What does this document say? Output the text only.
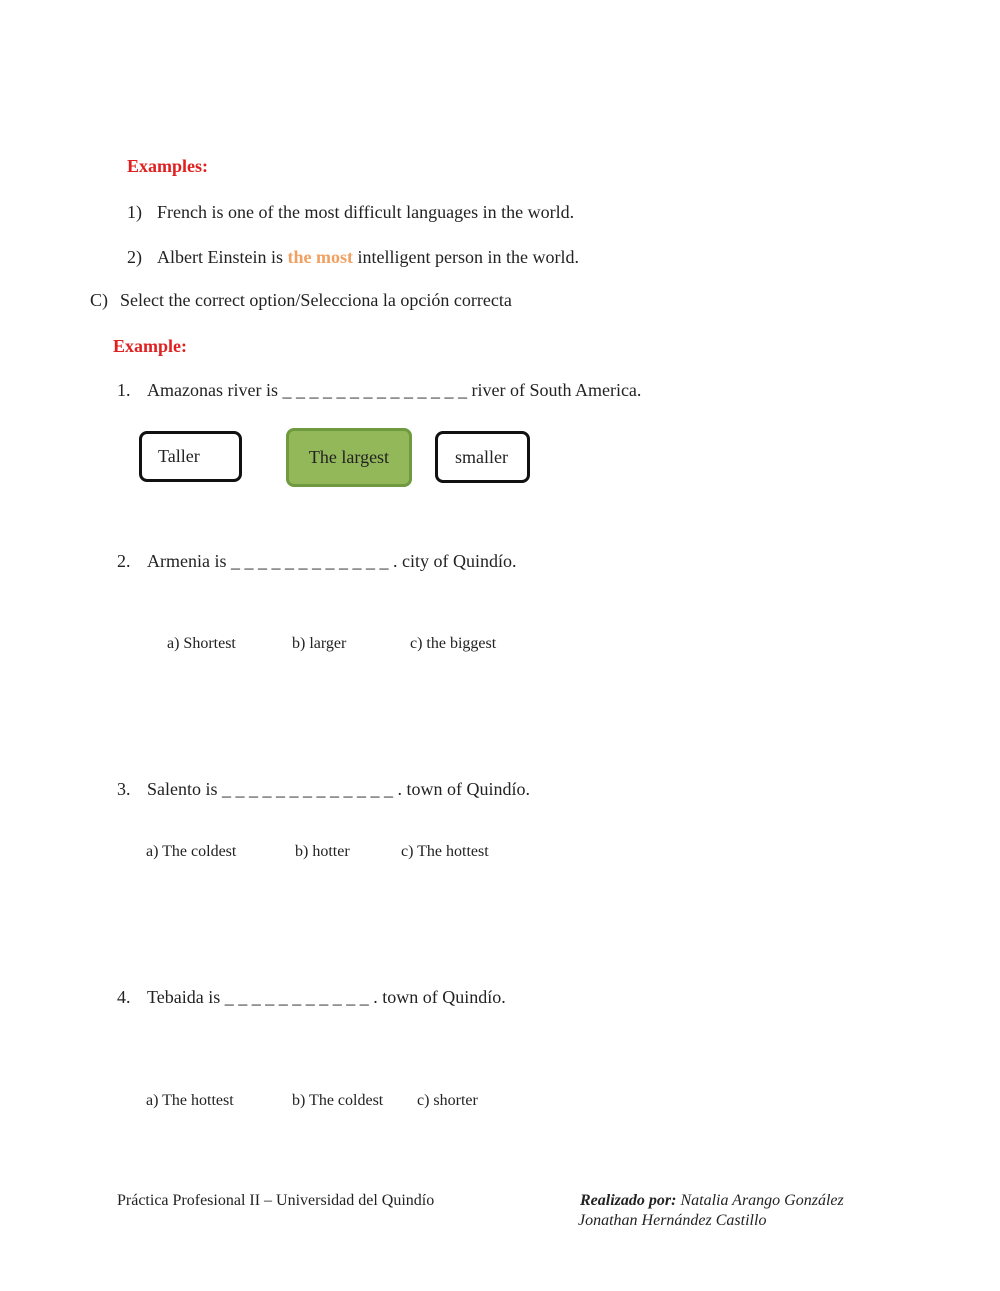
Examples:
1) French is one of the most difficult languages in the world.
2) Albert Einstein is the most intelligent person in the world.
C) Select the correct option/Selecciona la opción correcta
Example:
1. Amazonas river is _ _ _ _ _ _ _ _ _ _ _ _ _ _ river of South America.
Taller	The largest	smaller
2. Armenia is _ _ _ _ _ _ _ _ _ _ _ _ . city of Quindío.
a) Shortest	b) larger	c) the biggest
3. Salento is _ _ _ _ _ _ _ _ _ _ _ _ _ . town of Quindío.
a) The coldest	b) hotter	c) The hottest
4. Tebaida is _ _ _ _ _ _ _ _ _ _ _ . town of Quindío.
a) The hottest	b) The coldest c) shorter
Práctica Profesional II – Universidad del Quindío	Realizado por: Natalia Arango González
Jonathan Hernández Castillo
